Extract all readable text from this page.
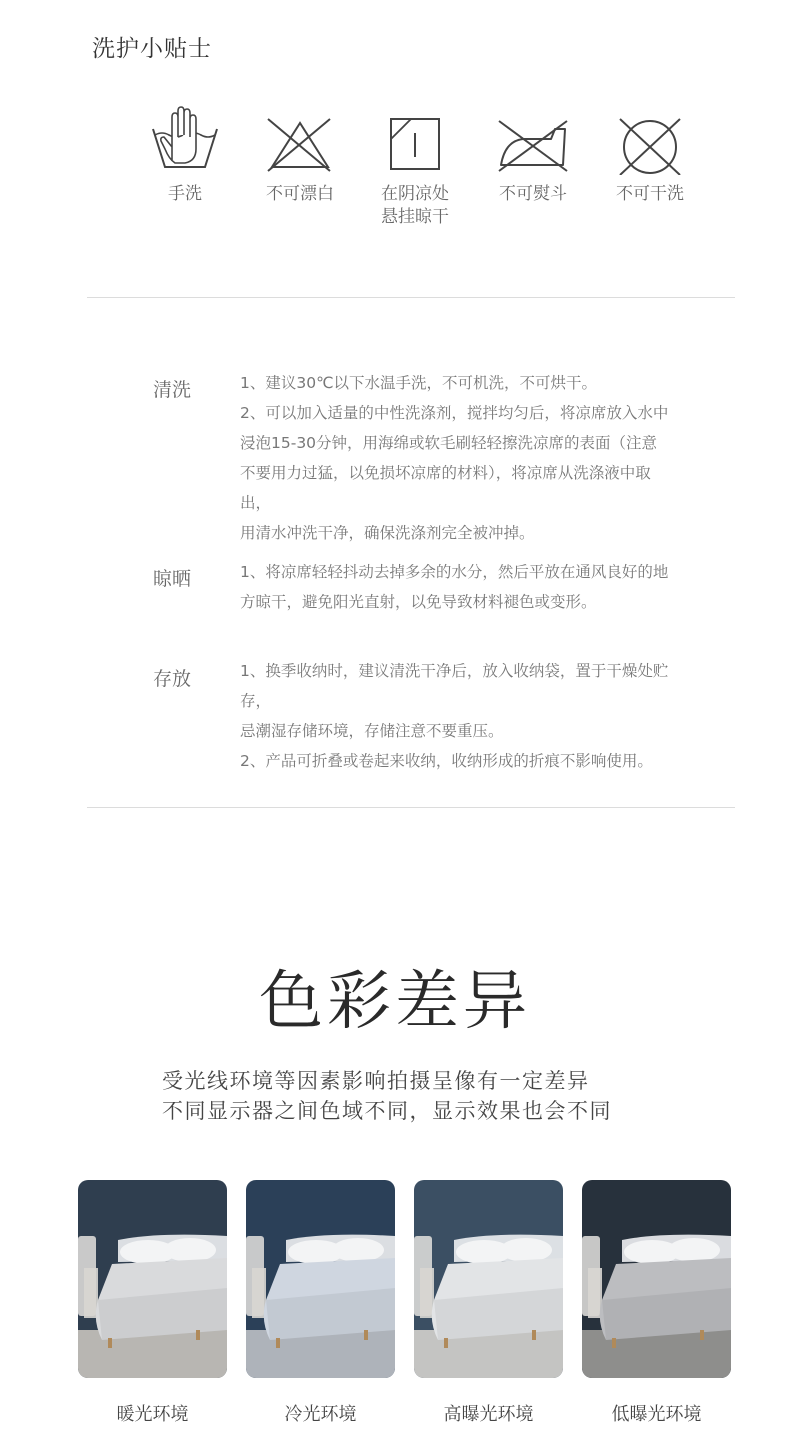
洗护小贴士
手洗	不可漂白	在阴凉处
悬挂晾干
不可熨斗	不可干洗
清洗	1、建议30℃以下水温手洗，不可机洗，不可烘干。

2、可以加入适量的中性洗涤剂，搅拌均匀后，将凉席放入水中

浸泡15-30分钟，用海绵或软毛刷轻轻擦洗凉席的表面（注意

不要用力过猛，以免损坏凉席的材料），将凉席从洗涤液中取出，

用清水冲洗干净，确保洗涤剂完全被冲掉。

晾晒	1、将凉席轻轻抖动去掉多余的水分，然后平放在通风良好的地

方晾干，避免阳光直射，以免导致材料褪色或变形。

存放	1、换季收纳时，建议清洗干净后，放入收纳袋，置于干燥处贮存，

忌潮湿存储环境，存储注意不要重压。

2、产品可折叠或卷起来收纳，收纳形成的折痕不影响使用。

色彩差异

受光线环境等因素影响拍摄呈像有一定差异

不同显示器之间色域不同，显示效果也会不同

暖光环境	冷光环境	高曝光环境	低曝光环境
